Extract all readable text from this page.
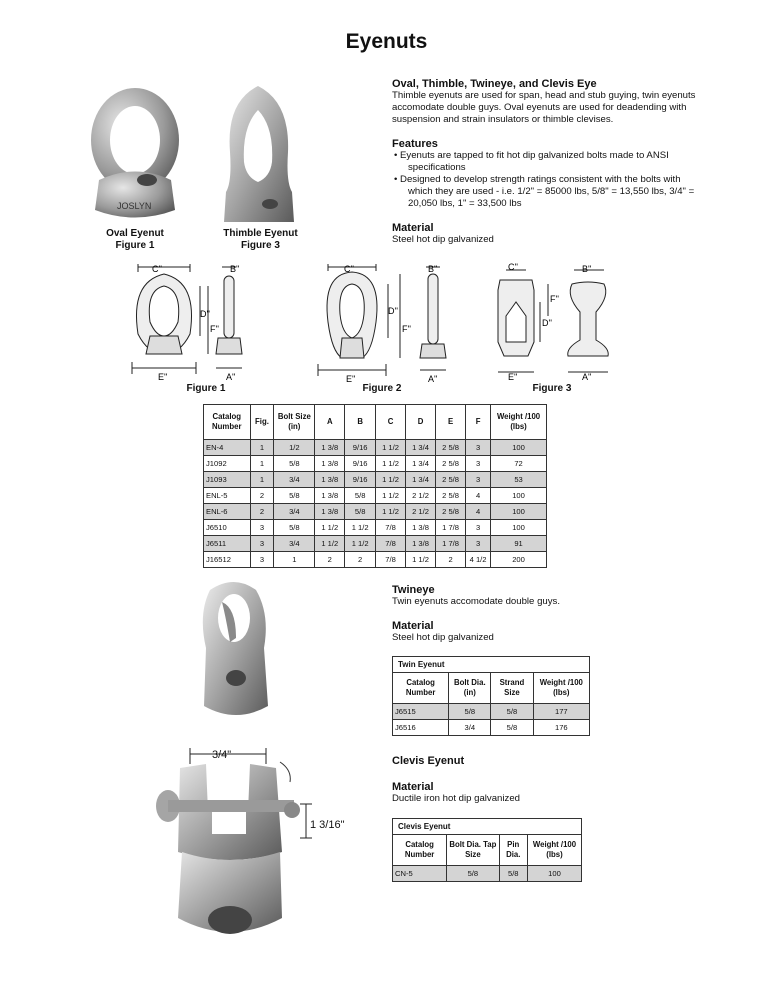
Eyenuts
JOSLYN
Oval Eyenut
Figure 1
Thimble Eyenut
Figure 3
Oval, Thimble, Twineye, and Clevis Eye

Thimble eyenuts are used for span, head and stub guying, twin eyenuts

accomodate double guys. Oval eyenuts are used for deadending with

suspension and strain insulators or thimble clevises.

Features
• Eyenuts are tapped to fit hot dip galvanized bolts made to ANSI
specifications
• Designed to develop strength ratings consistent with the bolts with
which they are used - i.e. 1/2" = 85000 lbs, 5/8" = 13,550 lbs, 3/4" =
20,050 lbs, 1" = 33,500 lbs
Material
Steel hot dip galvanized
C''	B''
D''
F''
E''	A''
Figure 1
C''	B''
D''
F''
E''	A''
Figure 2
C''	B''
D''
F''
E''	A''
Figure 3
Catalog Number	Fig.	Bolt Size (in)	A	B	C	D	E	F	Weight /100 (lbs)
EN-4	1	1/2	1 3/8	9/16	1 1/2	1 3/4	2 5/8	3	100
J1092	1	5/8	1 3/8	9/16	1 1/2	1 3/4	2 5/8	3	72
J1093	1	3/4	1 3/8	9/16	1 1/2	1 3/4	2 5/8	3	53
ENL-5	2	5/8	1 3/8	5/8	1 1/2	2 1/2	2 5/8	4	100
ENL-6	2	3/4	1 3/8	5/8	1 1/2	2 1/2	2 5/8	4	100
J6510	3	5/8	1 1/2	1 1/2	7/8	1 3/8	1 7/8	3	100
J6511	3	3/4	1 1/2	1 1/2	7/8	1 3/8	1 7/8	3	91
J16512	3	1	2	2	7/8	1 1/2	2	4 1/2	200
Twineye
Twin eyenuts accomodate double guys.
Material
Steel hot dip galvanized
Twin Eyenut			
Catalog Number	Bolt Dia. (in)	Strand Size	Weight /100 (lbs)
J6515	5/8	5/8	177
J6516	3/4	5/8	176
3/4"
1 3/16"
Clevis Eyenut
Material
Ductile iron hot dip galvanized
Clevis Eyenut			
Catalog Number	Bolt Dia. Tap Size	Pin Dia.	Weight /100 (lbs)
CN-5	5/8	5/8	100
